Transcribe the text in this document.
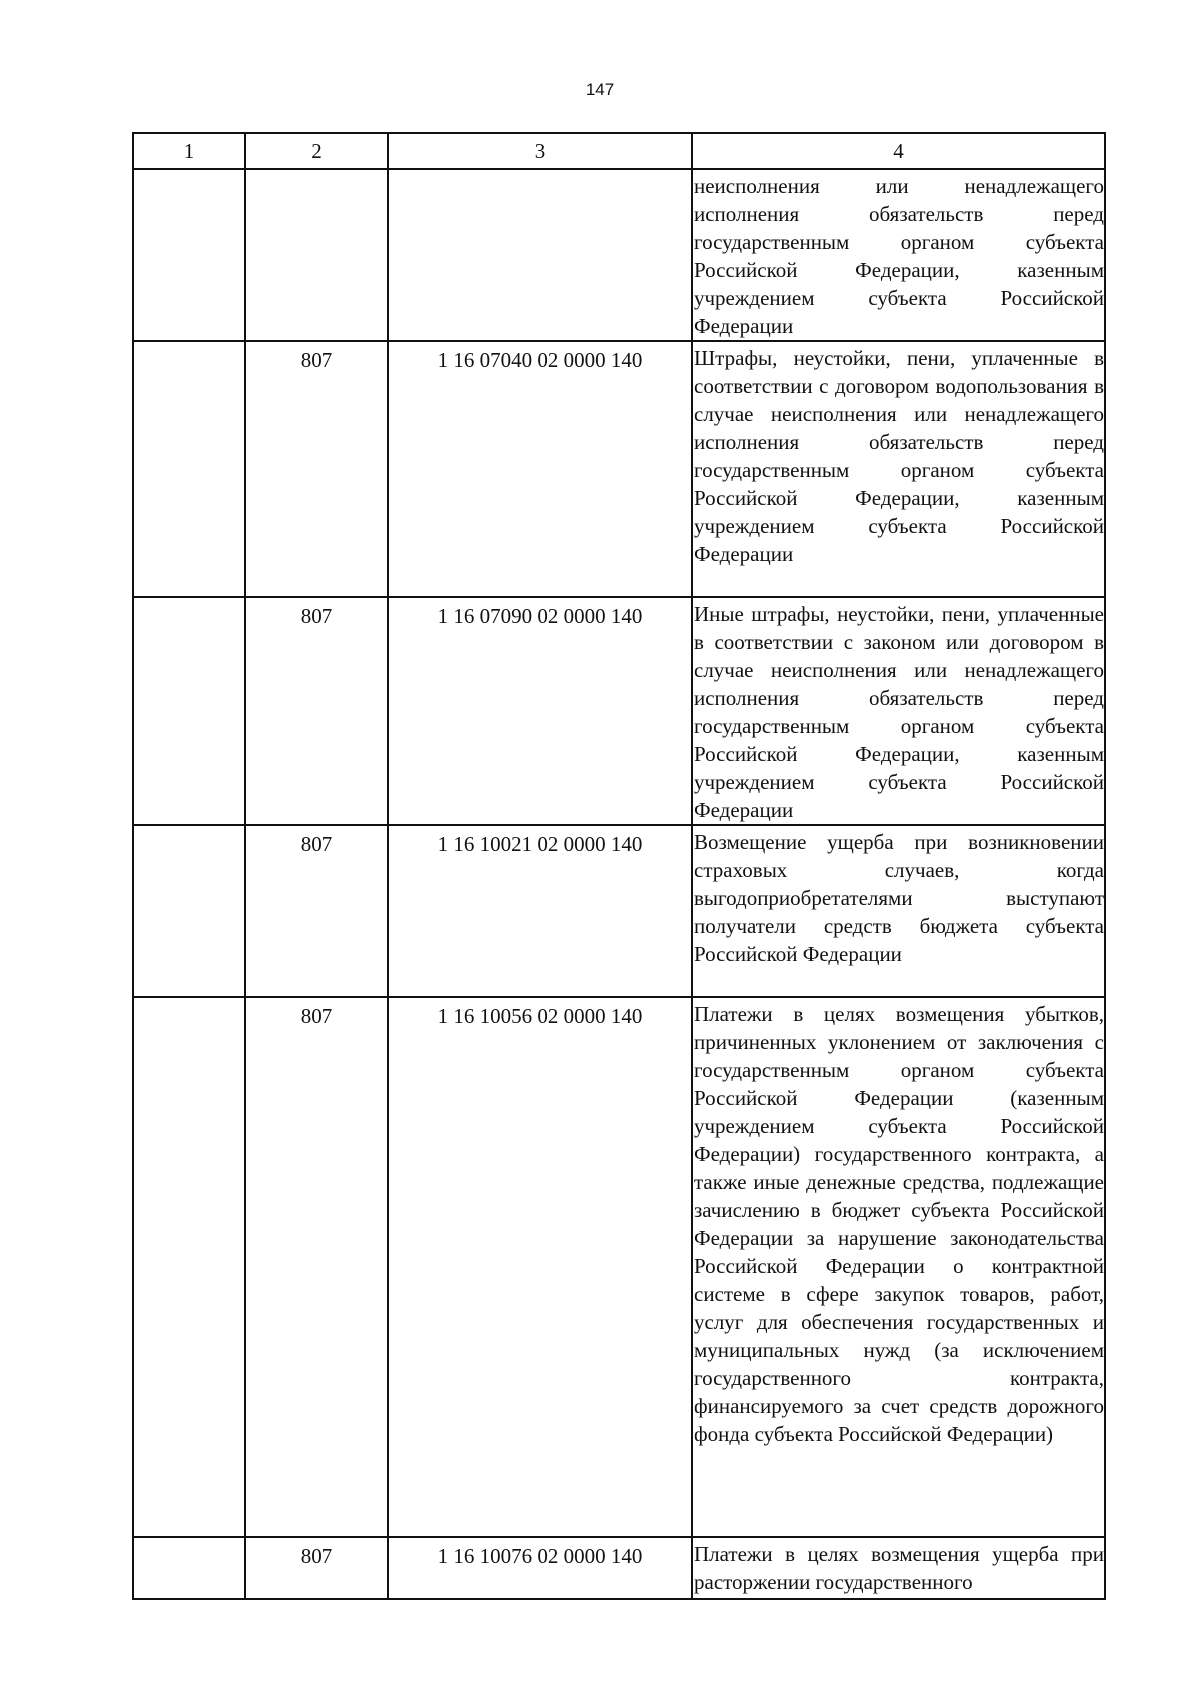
147
1	2	3	4

			неисполнения или ненадлежащего исполнения обязательств перед государственным органом субъекта Российской Федерации, казенным учреждением субъекта Российской Федерации

	807	1 16 07040 02 0000 140	Штрафы, неустойки, пени, уплаченные в соответствии с договором водопользования в случае неисполнения или ненадлежащего исполнения обязательств перед государственным органом субъекта Российской Федерации, казенным учреждением субъекта Российской Федерации

	807	1 16 07090 02 0000 140	Иные штрафы, неустойки, пени, уплаченные в соответствии с законом или договором в случае неисполнения или ненадлежащего исполнения обязательств перед государственным органом субъекта Российской Федерации, казенным учреждением субъекта Российской Федерации

	807	1 16 10021 02 0000 140	Возмещение ущерба при возникновении страховых случаев, когда выгодоприобретателями выступают получатели средств бюджета субъекта Российской Федерации

	807	1 16 10056 02 0000 140	Платежи в целях возмещения убытков, причиненных уклонением от заключения с государственным органом субъекта Российской Федерации (казенным учреждением субъекта Российской Федерации) государственного контракта, а также иные денежные средства, подлежащие зачислению в бюджет субъекта Российской Федерации за нарушение законодательства Российской Федерации о контрактной системе в сфере закупок товаров, работ, услуг для обеспечения государственных и муниципальных нужд (за исключением государственного контракта, финансируемого за счет средств дорожного фонда субъекта Российской Федерации)

	807	1 16 10076 02 0000 140	Платежи в целях возмещения ущерба при расторжении государственного
